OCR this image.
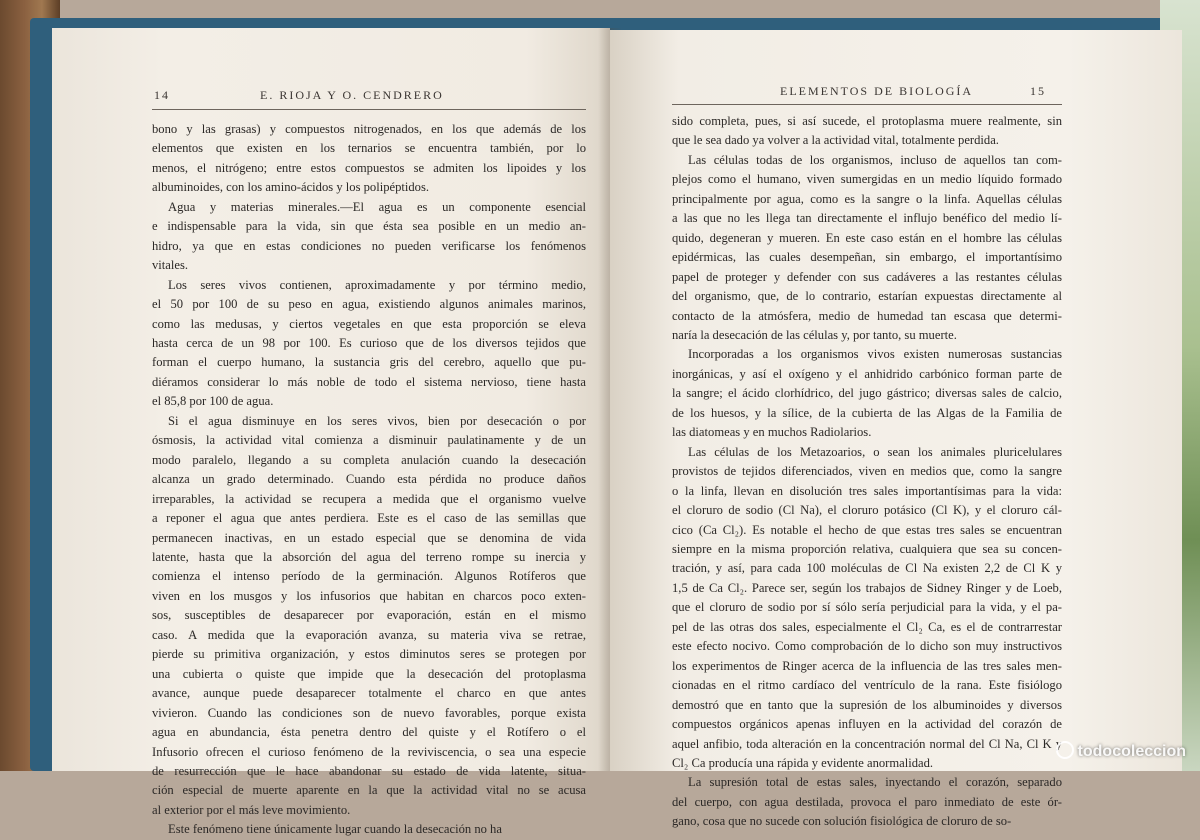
14	E. RIOJA Y O. CENDRERO
bono y las grasas) y compuestos nitrogenados, en los que además de los
elementos que existen en los ternarios se encuentra también, por lo
menos, el nitrógeno; entre estos compuestos se admiten los lipoides y los
albuminoides, con los amino-ácidos y los polipéptidos.
Agua y materias minerales.—El agua es un componente esencial
e indispensable para la vida, sin que ésta sea posible en un medio an-
hidro, ya que en estas condiciones no pueden verificarse los fenómenos
vitales.
Los seres vivos contienen, aproximadamente y por término medio,
el 50 por 100 de su peso en agua, existiendo algunos animales marinos,
como las medusas, y ciertos vegetales en que esta proporción se eleva
hasta cerca de un 98 por 100. Es curioso que de los diversos tejidos que
forman el cuerpo humano, la sustancia gris del cerebro, aquello que pu-
diéramos considerar lo más noble de todo el sistema nervioso, tiene hasta
el 85,8 por 100 de agua.
Si el agua disminuye en los seres vivos, bien por desecación o por
ósmosis, la actividad vital comienza a disminuir paulatinamente y de un
modo paralelo, llegando a su completa anulación cuando la desecación
alcanza un grado determinado. Cuando esta pérdida no produce daños
irreparables, la actividad se recupera a medida que el organismo vuelve
a reponer el agua que antes perdiera. Este es el caso de las semillas que
permanecen inactivas, en un estado especial que se denomina de vida
latente, hasta que la absorción del agua del terreno rompe su inercia y
comienza el intenso período de la germinación. Algunos Rotíferos que
viven en los musgos y los infusorios que habitan en charcos poco exten-
sos, susceptibles de desaparecer por evaporación, están en el mismo
caso. A medida que la evaporación avanza, su materia viva se retrae,
pierde su primitiva organización, y estos diminutos seres se protegen por
una cubierta o quiste que impide que la desecación del protoplasma
avance, aunque puede desaparecer totalmente el charco en que antes
vivieron. Cuando las condiciones son de nuevo favorables, porque exista
agua en abundancia, ésta penetra dentro del quiste y el Rotífero o el
Infusorio ofrecen el curioso fenómeno de la reviviscencia, o sea una especie
de resurrección que le hace abandonar su estado de vida latente, situa-
ción especial de muerte aparente en la que la actividad vital no se acusa
al exterior por el más leve movimiento.
Este fenómeno tiene únicamente lugar cuando la desecación no ha
ELEMENTOS DE BIOLOGÍA	15
sido completa, pues, si así sucede, el protoplasma muere realmente, sin
que le sea dado ya volver a la actividad vital, totalmente perdida.
Las células todas de los organismos, incluso de aquellos tan com-
plejos como el humano, viven sumergidas en un medio líquido formado
principalmente por agua, como es la sangre o la linfa. Aquellas células
a las que no les llega tan directamente el influjo benéfico del medio lí-
quido, degeneran y mueren. En este caso están en el hombre las células
epidérmicas, las cuales desempeñan, sin embargo, el importantísimo
papel de proteger y defender con sus cadáveres a las restantes células
del organismo, que, de lo contrario, estarían expuestas directamente al
contacto de la atmósfera, medio de humedad tan escasa que determi-
naría la desecación de las células y, por tanto, su muerte.
Incorporadas a los organismos vivos existen numerosas sustancias
inorgánicas, y así el oxígeno y el anhidrido carbónico forman parte de
la sangre; el ácido clorhídrico, del jugo gástrico; diversas sales de calcio,
de los huesos, y la sílice, de la cubierta de las Algas de la Familia de
las diatomeas y en muchos Radiolarios.
Las células de los Metazoarios, o sean los animales pluricelulares
provistos de tejidos diferenciados, viven en medios que, como la sangre
o la linfa, llevan en disolución tres sales importantísimas para la vida:
el cloruro de sodio (Cl Na), el cloruro potásico (Cl K), y el cloruro cál-
cico (Ca Cl₂). Es notable el hecho de que estas tres sales se encuentran
siempre en la misma proporción relativa, cualquiera que sea su concen-
tración, y así, para cada 100 moléculas de Cl Na existen 2,2 de Cl K y
1,5 de Ca Cl₂. Parece ser, según los trabajos de Sidney Ringer y de Loeb,
que el cloruro de sodio por sí sólo sería perjudicial para la vida, y el pa-
pel de las otras dos sales, especialmente el Cl₂ Ca, es el de contrarrestar
este efecto nocivo. Como comprobación de lo dicho son muy instructivos
los experimentos de Ringer acerca de la influencia de las tres sales men-
cionadas en el ritmo cardíaco del ventrículo de la rana. Este fisiólogo
demostró que en tanto que la supresión de los albuminoides y diversos
compuestos orgánicos apenas influyen en la actividad del corazón de
aquel anfibio, toda alteración en la concentración normal del Cl Na, Cl K y
Cl₂ Ca producía una rápida y evidente anormalidad.
La supresión total de estas sales, inyectando el corazón, separado
del cuerpo, con agua destilada, provoca el paro inmediato de este ór-
gano, cosa que no sucede con solución fisiológica de cloruro de so-
todocoleccion
